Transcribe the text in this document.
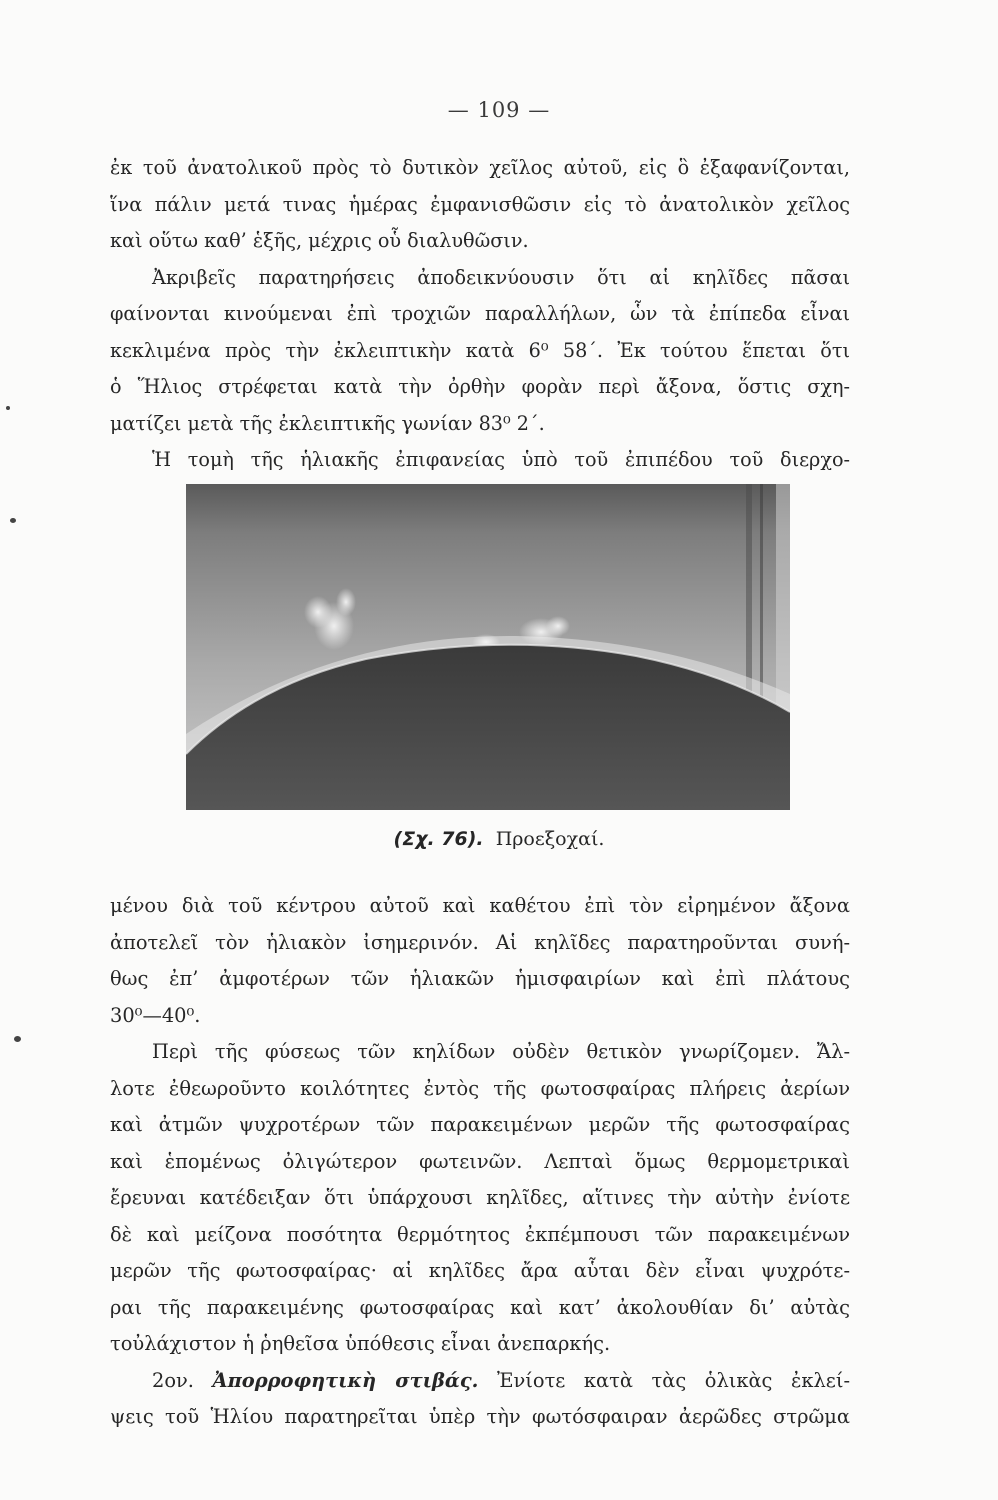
— 109 —
ἐκ τοῦ ἀνατολικοῦ πρὸς τὸ δυτικὸν χεῖλος αὐτοῦ, εἰς ὃ ἐξαφανίζονται,
ἵνα πάλιν μετά τινας ἡμέρας ἐμφανισθῶσιν εἰς τὸ ἀνατολικὸν χεῖλος
καὶ οὕτω καθ’ ἑξῆς, μέχρις οὗ διαλυθῶσιν.
Ἀκριβεῖς παρατηρήσεις ἀποδεικνύουσιν ὅτι αἱ κηλῖδες πᾶσαι
φαίνονται κινούμεναι ἐπὶ τροχιῶν παραλλήλων, ὧν τὰ ἐπίπεδα εἶναι
κεκλιμένα πρὸς τὴν ἐκλειπτικὴν κατὰ 6⁰ 58΄. Ἐκ τούτου ἕπεται ὅτι
ὁ Ἥλιος στρέφεται κατὰ τὴν ὀρθὴν φορὰν περὶ ἄξονα, ὅστις σχη-
ματίζει μετὰ τῆς ἐκλειπτικῆς γωνίαν 83⁰ 2΄.
Ἡ τομὴ τῆς ἡλιακῆς ἐπιφανείας ὑπὸ τοῦ ἐπιπέδου τοῦ διερχο-
(Σχ. 76). Προεξοχαί.
μένου διὰ τοῦ κέντρου αὐτοῦ καὶ καθέτου ἐπὶ τὸν εἰρημένον ἄξονα
ἀποτελεῖ τὸν ἡλιακὸν ἰσημερινόν. Αἱ κηλῖδες παρατηροῦνται συνή-
θως ἐπ’ ἀμφοτέρων τῶν ἡλιακῶν ἡμισφαιρίων καὶ ἐπὶ πλάτους
30⁰—40⁰.
Περὶ τῆς φύσεως τῶν κηλίδων οὐδὲν θετικὸν γνωρίζομεν. Ἄλ-
λοτε ἐθεωροῦντο κοιλότητες ἐντὸς τῆς φωτοσφαίρας πλήρεις ἀερίων
καὶ ἀτμῶν ψυχροτέρων τῶν παρακειμένων μερῶν τῆς φωτοσφαίρας
καὶ ἑπομένως ὀλιγώτερον φωτεινῶν. Λεπταὶ ὅμως θερμομετρικαὶ
ἔρευναι κατέδειξαν ὅτι ὑπάρχουσι κηλῖδες, αἵτινες τὴν αὐτὴν ἐνίοτε
δὲ καὶ μείζονα ποσότητα θερμότητος ἐκπέμπουσι τῶν παρακειμένων
μερῶν τῆς φωτοσφαίρας· αἱ κηλῖδες ἄρα αὗται δὲν εἶναι ψυχρότε-
ραι τῆς παρακειμένης φωτοσφαίρας καὶ κατ’ ἀκολουθίαν δι’ αὐτὰς
τοὐλάχιστον ἡ ῥηθεῖσα ὑπόθεσις εἶναι ἀνεπαρκής.
2ον. Ἀπορροφητικὴ στιβάς. Ἐνίοτε κατὰ τὰς ὁλικὰς ἐκλεί-
ψεις τοῦ Ἡλίου παρατηρεῖται ὑπὲρ τὴν φωτόσφαιραν ἀερῶδες στρῶμα
